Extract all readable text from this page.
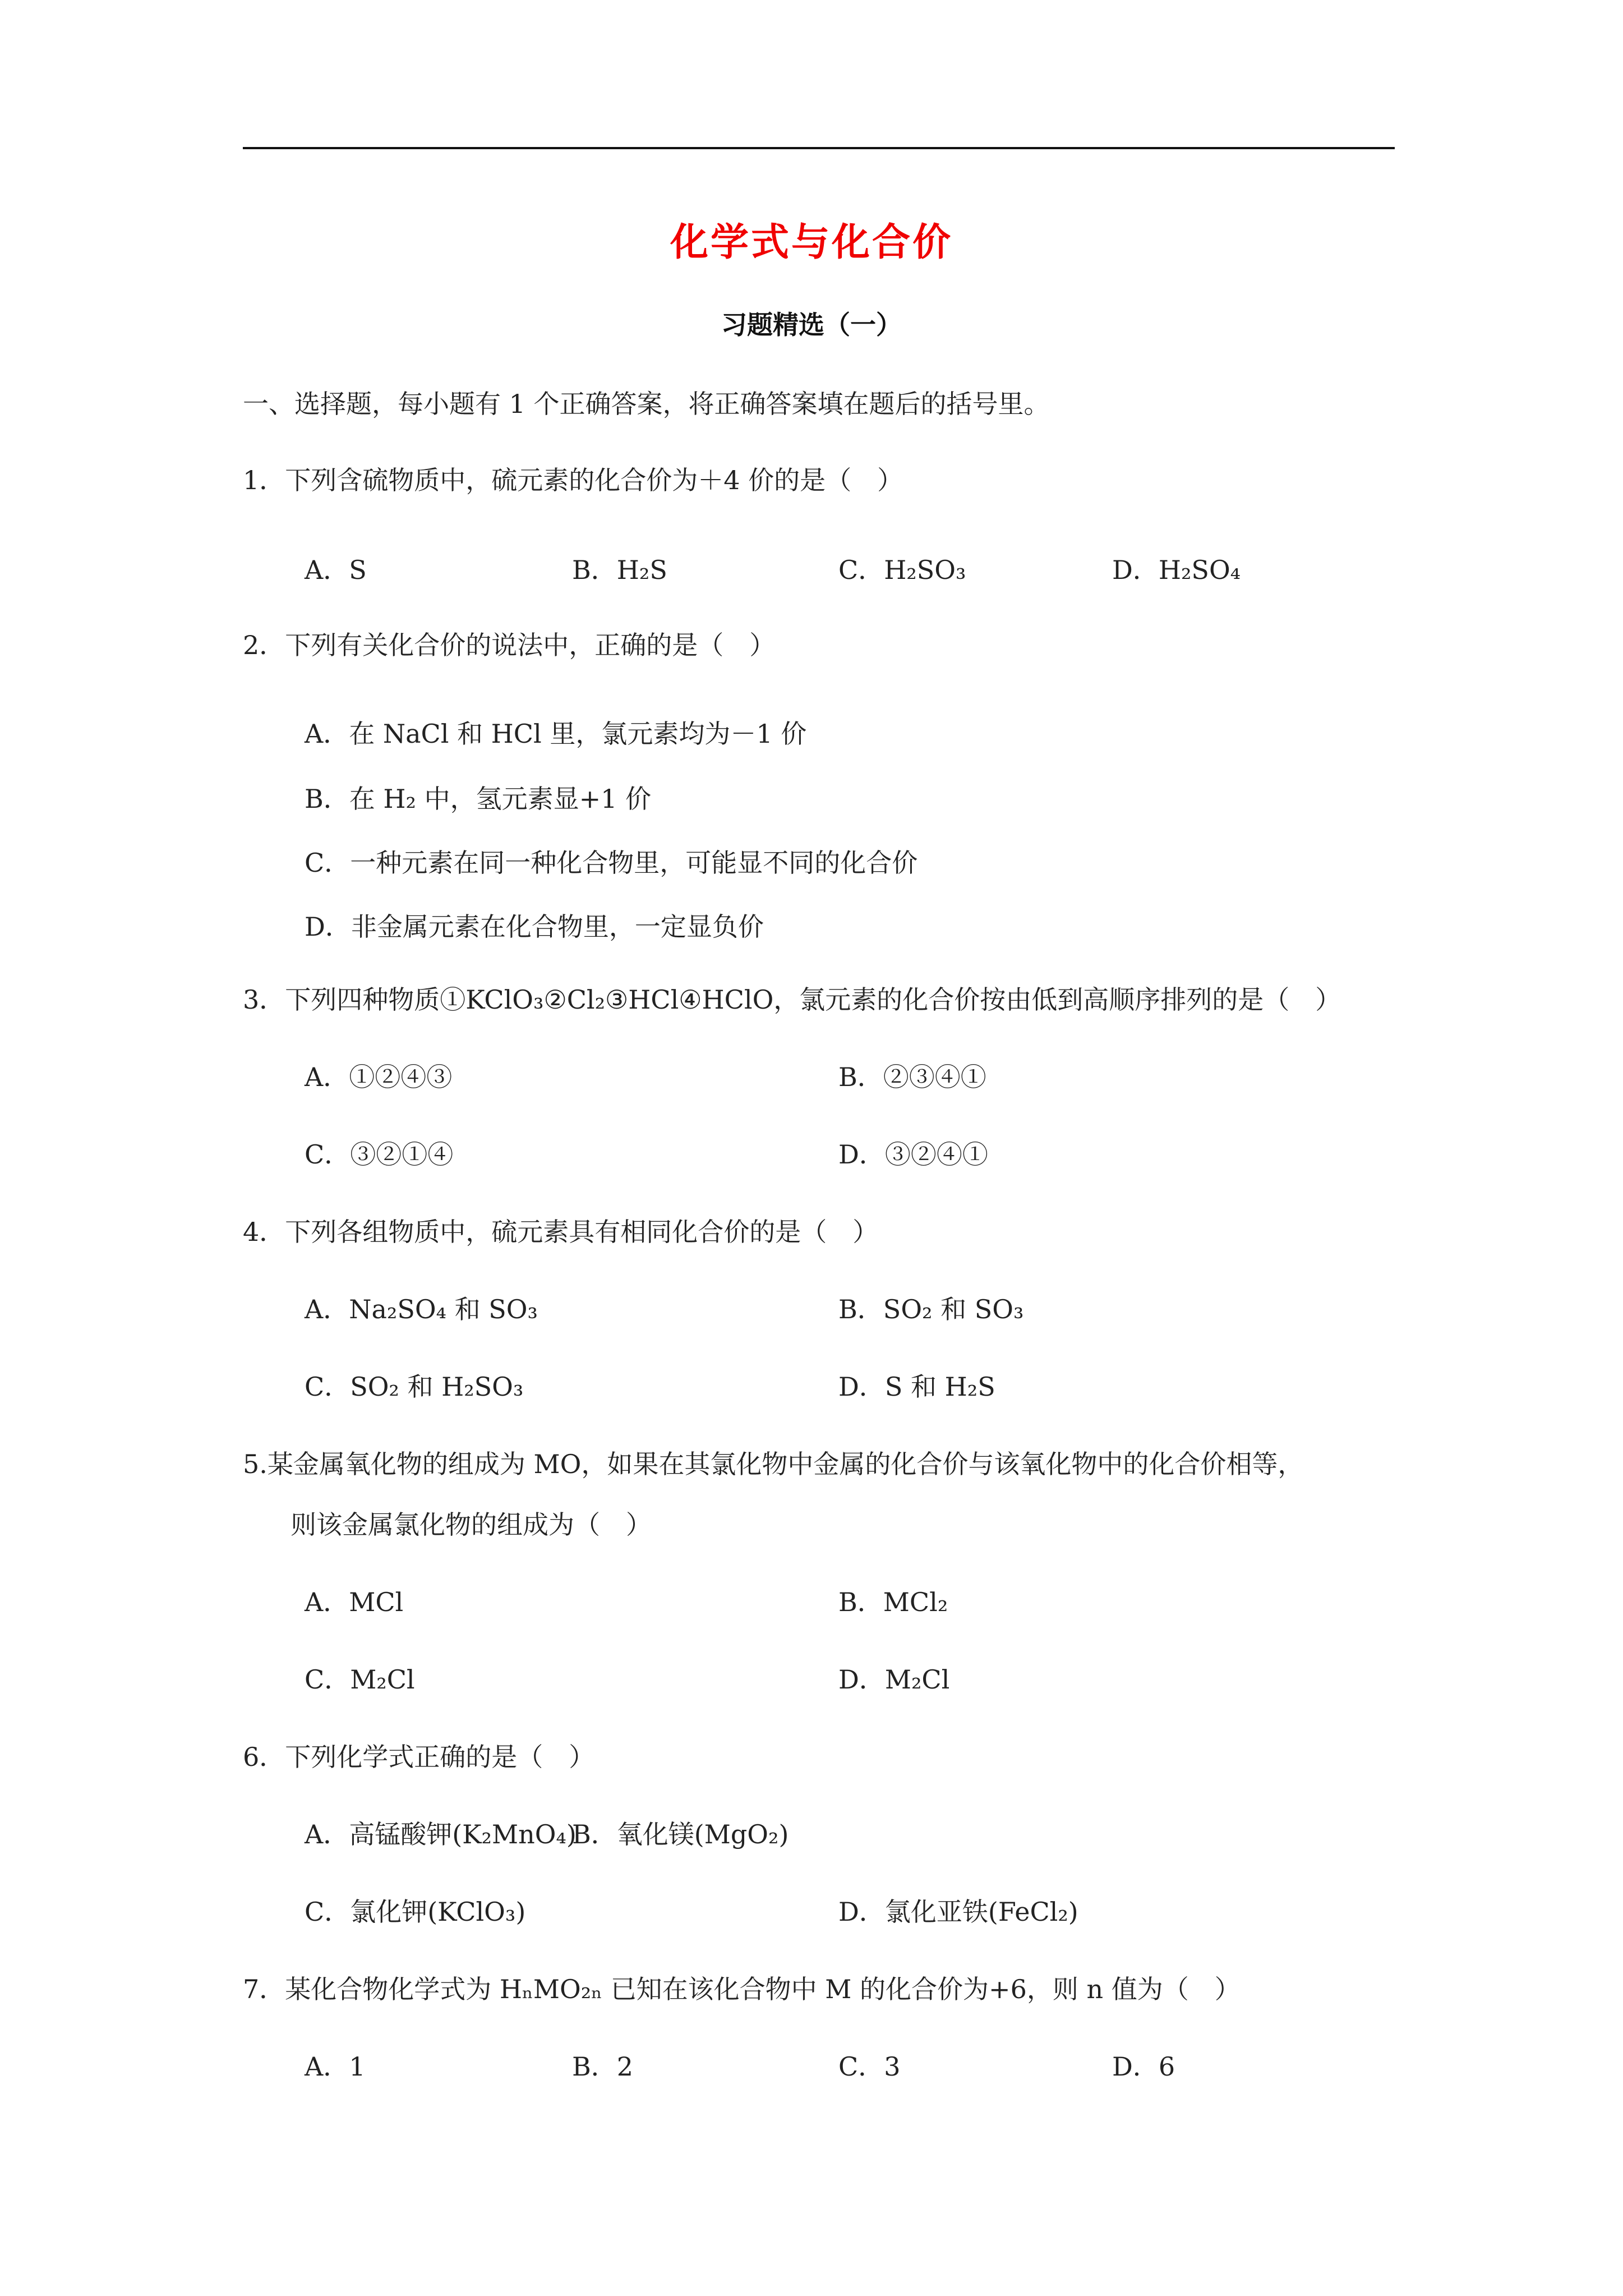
化学式与化合价
习题精选（一）
一、选择题，每小题有 1 个正确答案，将正确答案填在题后的括号里。
1．下列含硫物质中，硫元素的化合价为＋4 价的是（　）
A．S	B．H₂S	C．H₂SO₃	D．H₂SO₄
2．下列有关化合价的说法中，正确的是（　）
A．在 NaCl 和 HCl 里，氯元素均为－1 价
B．在 H₂ 中，氢元素显+1 价
C．一种元素在同一种化合物里，可能显不同的化合价
D．非金属元素在化合物里，一定显负价
3．下列四种物质①KClO₃②Cl₂③HCl④HClO，氯元素的化合价按由低到高顺序排列的是（　）
A．①②④③	B．②③④①
C．③②①④	D．③②④①
4．下列各组物质中，硫元素具有相同化合价的是（　）
A．Na₂SO₄ 和 SO₃	B．SO₂ 和 SO₃
C．SO₂ 和 H₂SO₃	D．S 和 H₂S
5.某金属氧化物的组成为 MO，如果在其氯化物中金属的化合价与该氧化物中的化合价相等，
则该金属氯化物的组成为（　）
A．MCl	B．MCl₂
C．M₂Cl	D．M₂Cl
6．下列化学式正确的是（　）
A．高锰酸钾(K₂MnO₄)
B．氧化镁(MgO₂)
C．氯化钾(KClO₃)	D．氯化亚铁(FeCl₂)
7．某化合物化学式为 HₙMO₂ₙ 已知在该化合物中 M 的化合价为+6，则 n 值为（　）
A．1	B．2	C．3	D．6
